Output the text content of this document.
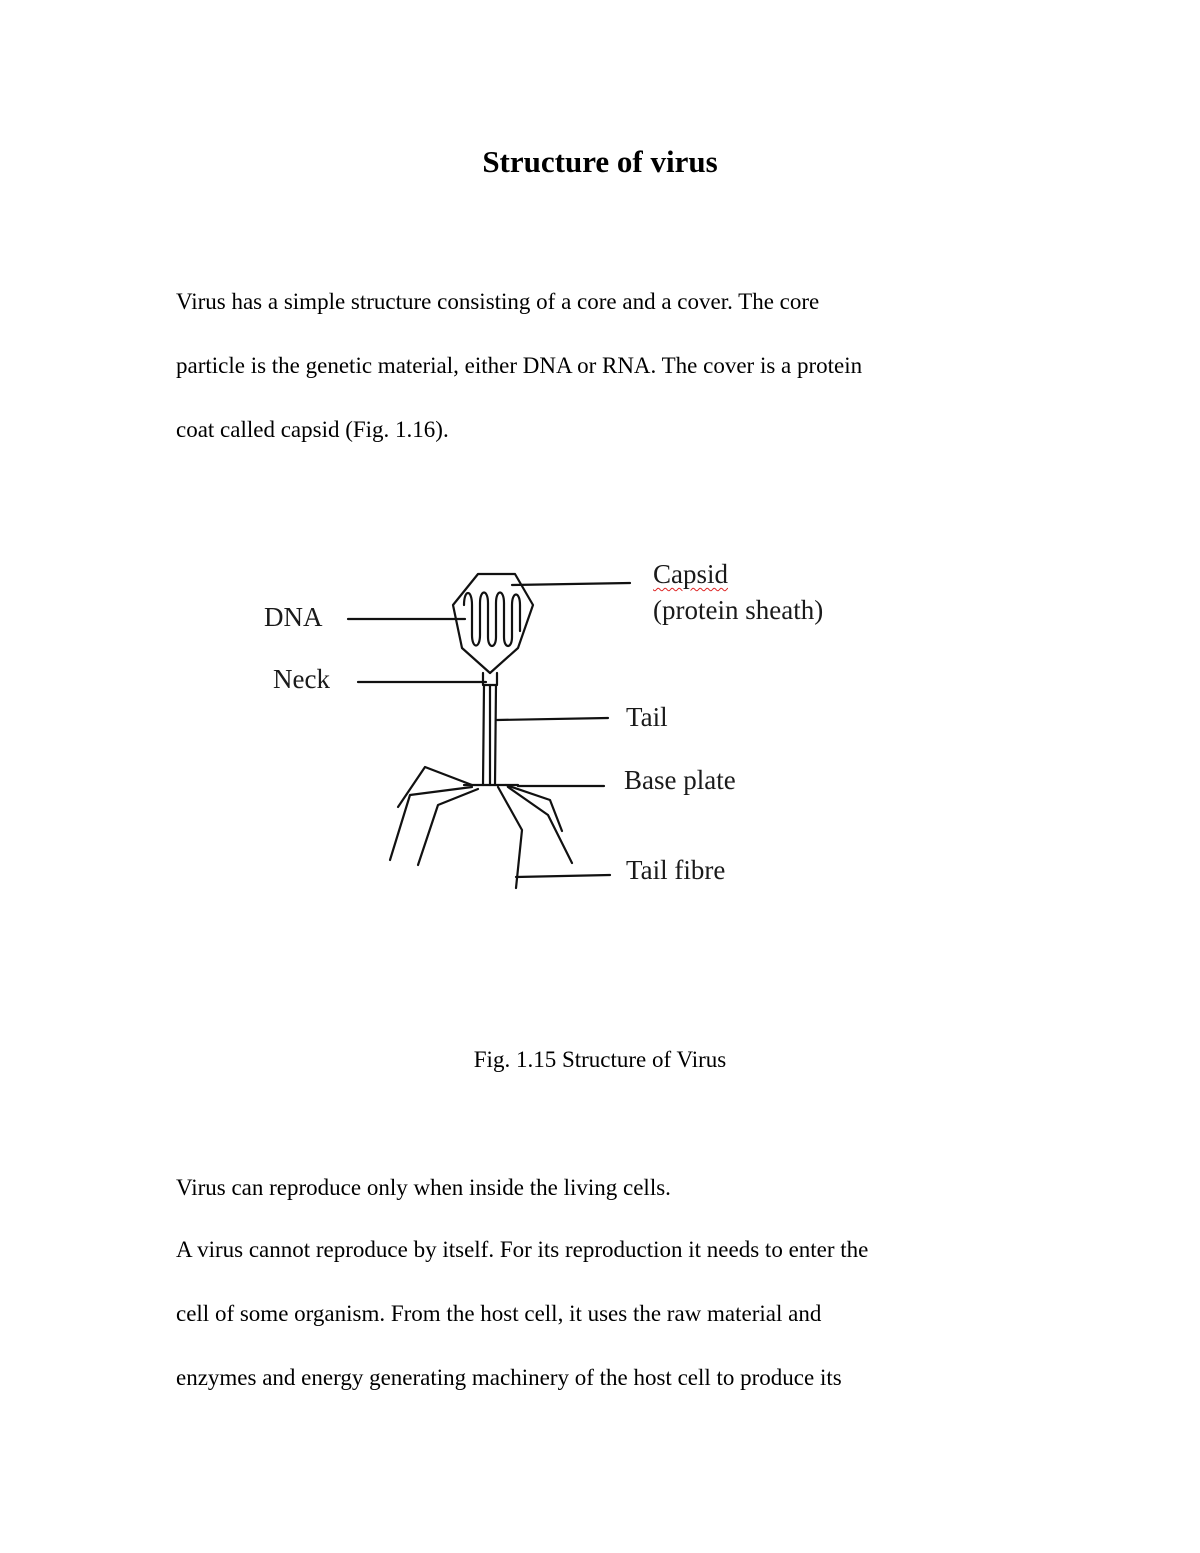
Structure of virus
Virus has a simple structure consisting of a core and a cover. The core
particle is the genetic material, either DNA or RNA. The cover is a protein
coat called capsid (Fig. 1.16).
Capsid
(protein sheath)
DNA
Neck
Tail
Base plate
Tail fibre
Fig. 1.15 Structure of Virus
Virus can reproduce only when inside the living cells.
A virus cannot reproduce by itself. For its reproduction it needs to enter the
cell of some organism. From the host cell, it uses the raw material and
enzymes and energy generating machinery of the host cell to produce its
